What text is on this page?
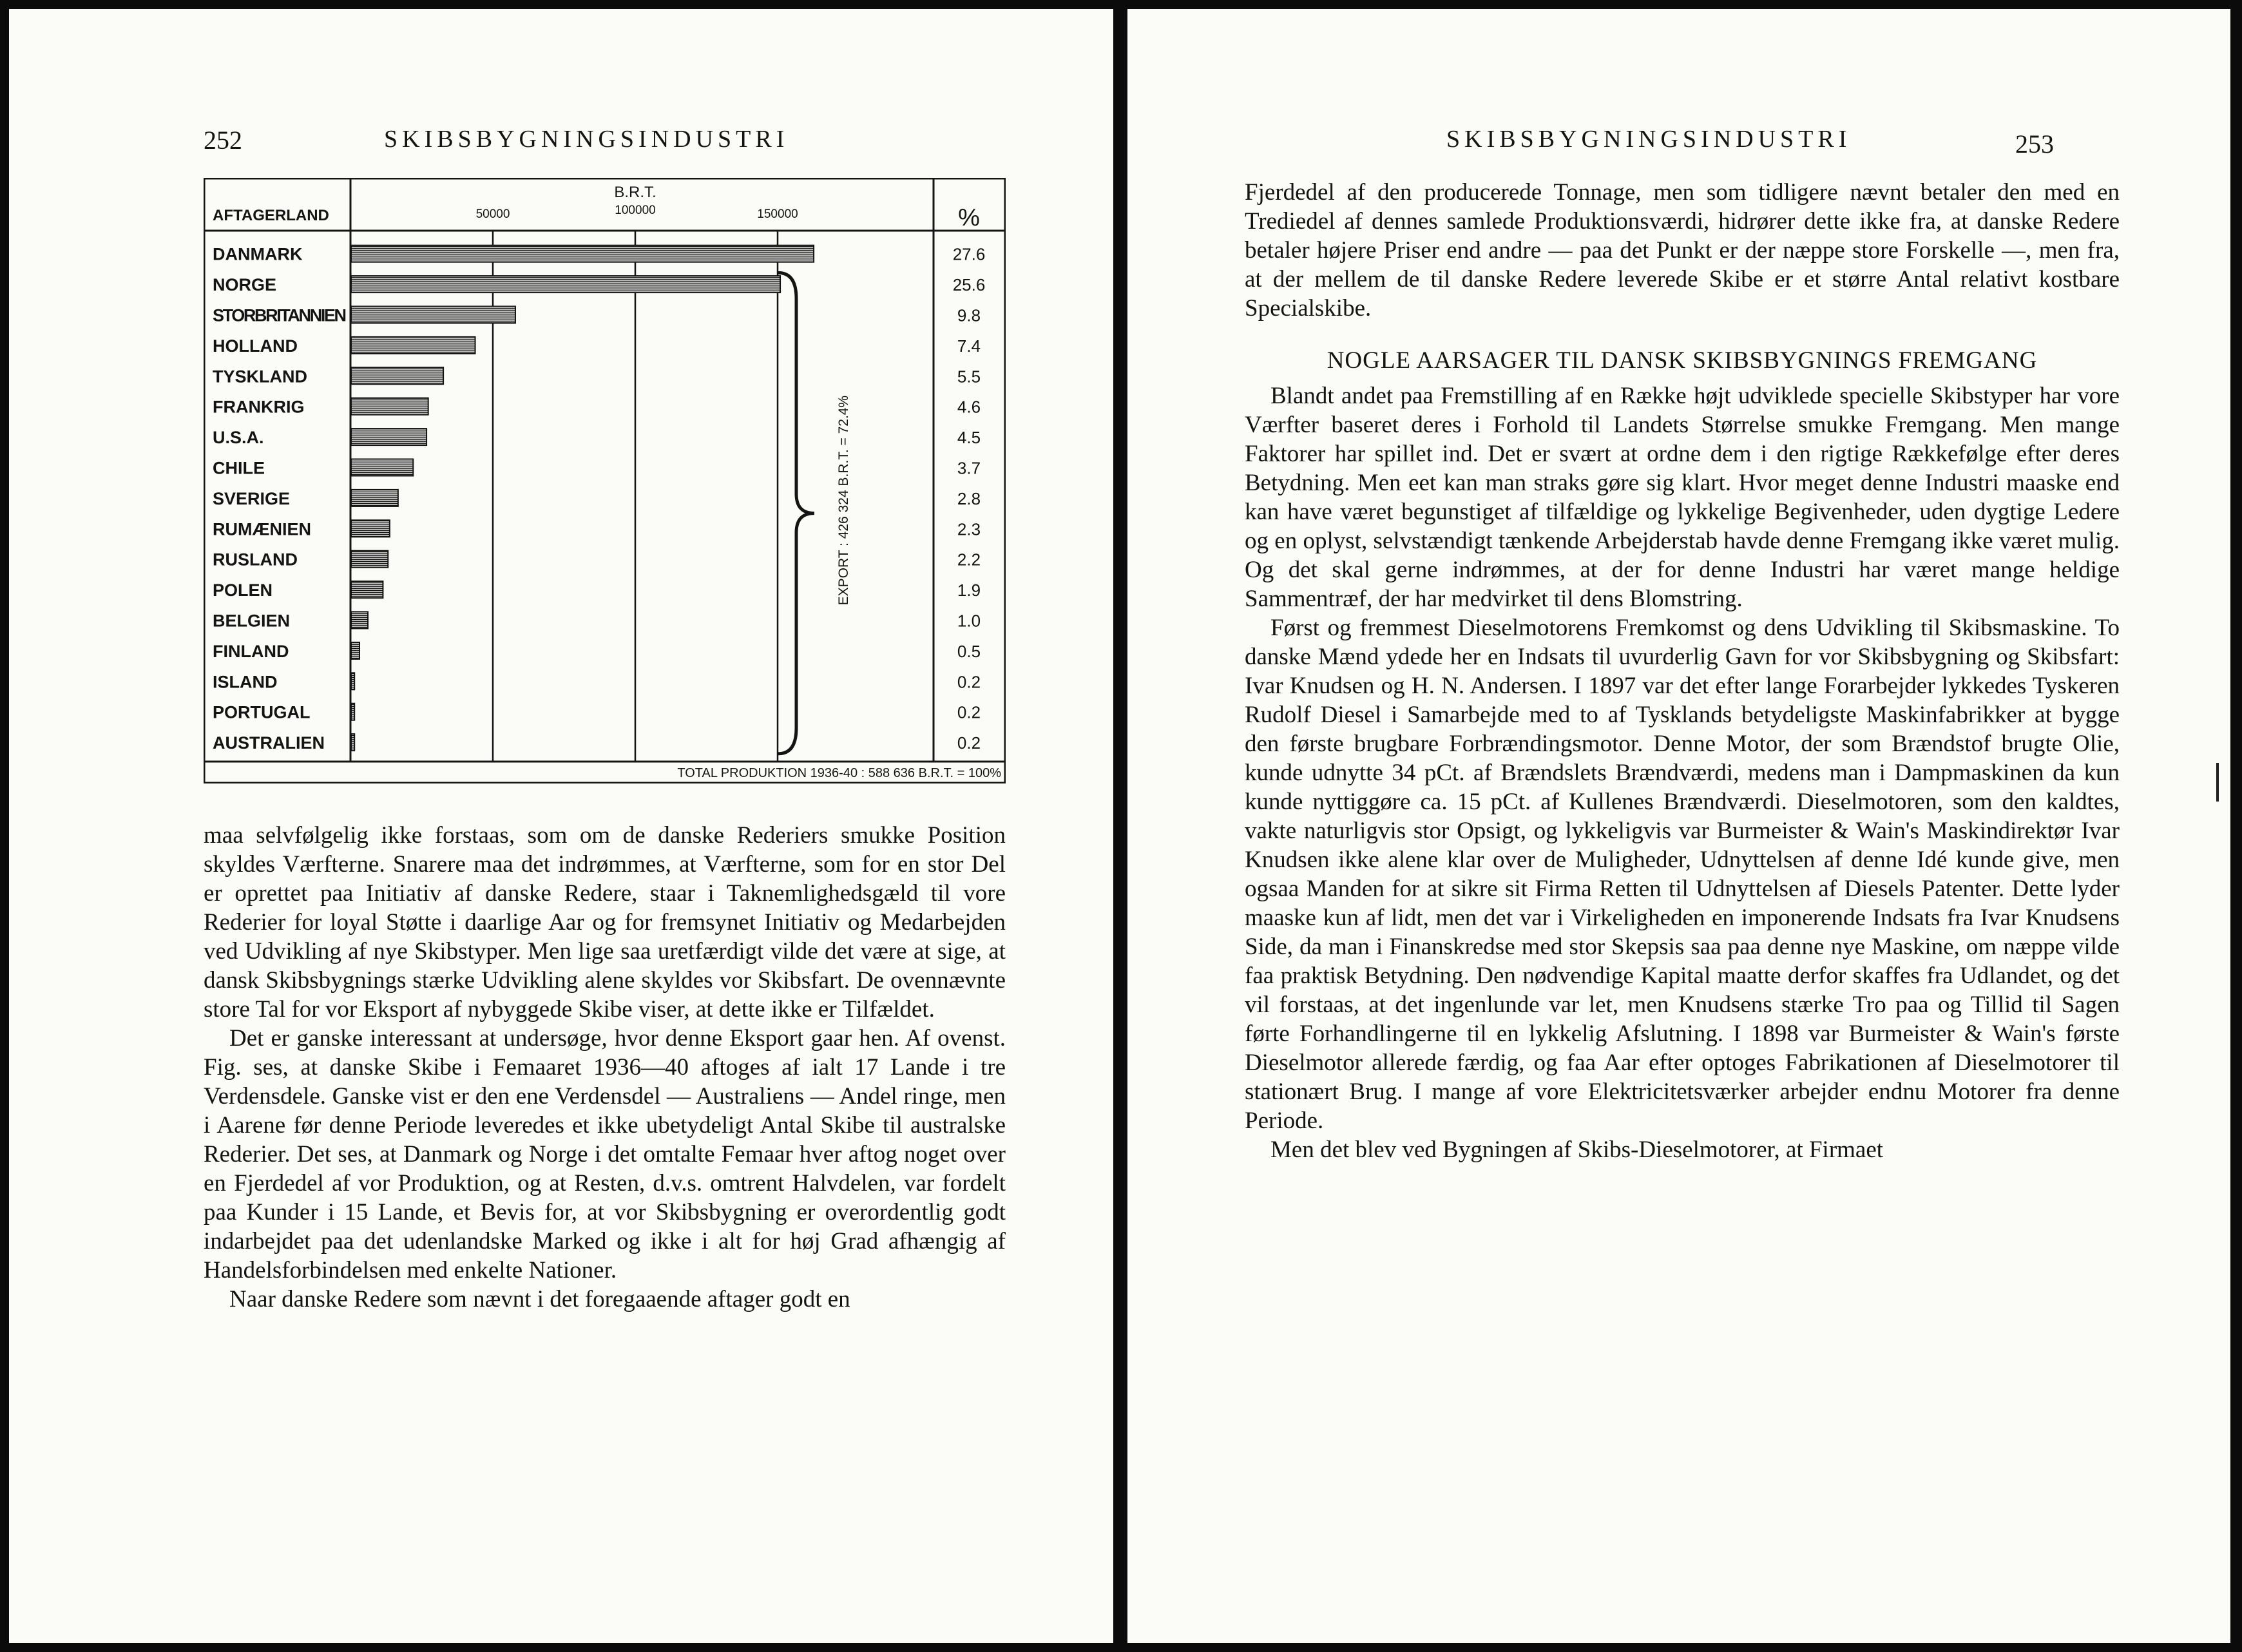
252	SKIBSBYGNINGSINDUSTRI
AFTAGERLAND	%
B.R.T.
50000	100000	150000
DANMARK	27.6
NORGE	25.6
STORBRITANNIEN	9.8
HOLLAND	7.4
TYSKLAND	5.5
FRANKRIG	4.6
U.S.A.	4.5
CHILE	3.7
SVERIGE	2.8
RUMÆNIEN	2.3
RUSLAND	2.2
POLEN	1.9
BELGIEN	1.0
FINLAND	0.5
ISLAND	0.2
PORTUGAL	0.2
AUSTRALIEN	0.2
EXPORT : 426 324 B.R.T. = 72.4%
TOTAL PRODUKTION 1936-40 : 588 636 B.R.T. = 100%

maa selvfølgelig ikke forstaas, som om de danske Rederiers smukke Position skyldes Værfterne. Snarere maa det indrømmes, at Værfterne, som for en stor Del er oprettet paa Initiativ af danske Redere, staar i Taknemlighedsgæld til vore Rederier for loyal Støtte i daarlige Aar og for fremsynet Initiativ og Medarbejden ved Udvikling af nye Skibstyper. Men lige saa uretfærdigt vilde det være at sige, at dansk Skibsbygnings stærke Udvikling alene skyldes vor Skibsfart. De ovennævnte store Tal for vor Eksport af nybyggede Skibe viser, at dette ikke er Tilfældet.

Det er ganske interessant at undersøge, hvor denne Eksport gaar hen. Af ovenst. Fig. ses, at danske Skibe i Femaaret 1936—40 aftoges af ialt 17 Lande i tre Verdensdele. Ganske vist er den ene Verdensdel — Australiens — Andel ringe, men i Aarene før denne Periode leveredes et ikke ubetydeligt Antal Skibe til australske Rederier. Det ses, at Danmark og Norge i det omtalte Femaar hver aftog noget over en Fjerdedel af vor Produktion, og at Resten, d.v.s. omtrent Halvdelen, var fordelt paa Kunder i 15 Lande, et Bevis for, at vor Skibsbygning er overordentlig godt indarbejdet paa det udenlandske Marked og ikke i alt for høj Grad afhængig af Handelsforbindelsen med enkelte Nationer.

Naar danske Redere som nævnt i det foregaaende aftager godt en

SKIBSBYGNINGSINDUSTRI	253

Fjerdedel af den producerede Tonnage, men som tidligere nævnt betaler den med en Trediedel af dennes samlede Produktionsværdi, hidrører dette ikke fra, at danske Redere betaler højere Priser end andre — paa det Punkt er der næppe store Forskelle —, men fra, at der mellem de til danske Redere leverede Skibe er et større Antal relativt kostbare Specialskibe.

NOGLE AARSAGER TIL DANSK SKIBSBYGNINGS FREMGANG

Blandt andet paa Fremstilling af en Række højt udviklede specielle Skibstyper har vore Værfter baseret deres i Forhold til Landets Størrelse smukke Fremgang. Men mange Faktorer har spillet ind. Det er svært at ordne dem i den rigtige Rækkefølge efter deres Betydning. Men eet kan man straks gøre sig klart. Hvor meget denne Industri maaske end kan have været begunstiget af tilfældige og lykkelige Begivenheder, uden dygtige Ledere og en oplyst, selvstændigt tænkende Arbejderstab havde denne Fremgang ikke været mulig. Og det skal gerne indrømmes, at der for denne Industri har været mange heldige Sammentræf, der har medvirket til dens Blomstring.

Først og fremmest Dieselmotorens Fremkomst og dens Udvikling til Skibsmaskine. To danske Mænd ydede her en Indsats til uvurderlig Gavn for vor Skibsbygning og Skibsfart: Ivar Knudsen og H. N. Andersen. I 1897 var det efter lange Forarbejder lykkedes Tyskeren Rudolf Diesel i Samarbejde med to af Tysklands betydeligste Maskinfabrikker at bygge den første brugbare Forbrændingsmotor. Denne Motor, der som Brændstof brugte Olie, kunde udnytte 34 pCt. af Brændslets Brændværdi, medens man i Dampmaskinen da kun kunde nyttiggøre ca. 15 pCt. af Kullenes Brændværdi. Dieselmotoren, som den kaldtes, vakte naturligvis stor Opsigt, og lykkeligvis var Burmeister & Wain's Maskindirektør Ivar Knudsen ikke alene klar over de Muligheder, Udnyttelsen af denne Idé kunde give, men ogsaa Manden for at sikre sit Firma Retten til Udnyttelsen af Diesels Patenter. Dette lyder maaske kun af lidt, men det var i Virkeligheden en imponerende Indsats fra Ivar Knudsens Side, da man i Finanskredse med stor Skepsis saa paa denne nye Maskine, om næppe vilde faa praktisk Betydning. Den nødvendige Kapital maatte derfor skaffes fra Udlandet, og det vil forstaas, at det ingenlunde var let, men Knudsens stærke Tro paa og Tillid til Sagen førte Forhandlingerne til en lykkelig Afslutning. I 1898 var Burmeister & Wain's første Dieselmotor allerede færdig, og faa Aar efter optoges Fabrikationen af Dieselmotorer til stationært Brug. I mange af vore Elektricitetsværker arbejder endnu Motorer fra denne Periode.

Men det blev ved Bygningen af Skibs-Dieselmotorer, at Firmaet
